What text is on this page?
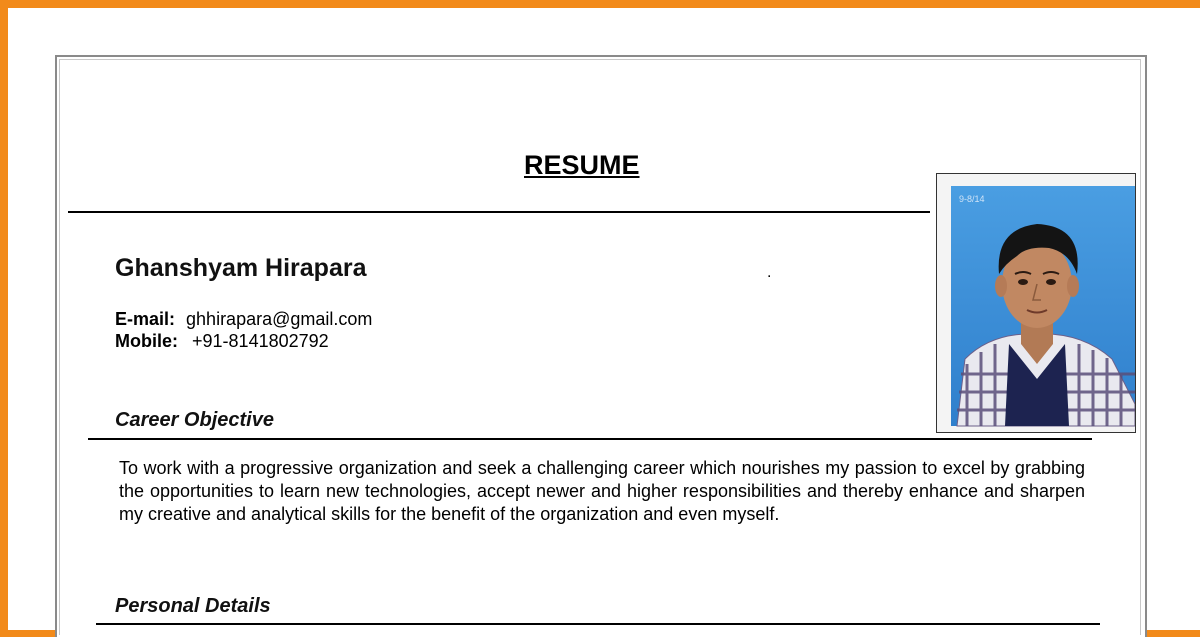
RESUME
Ghanshyam Hirapara	.
E-mail: ghhirapara@gmail.com
Mobile: +91-8141802792
Career Objective

To work with a progressive organization and seek a challenging career which nourishes my passion to excel by grabbing the opportunities to learn new technologies, accept newer and higher responsibilities and thereby enhance and sharpen my creative and analytical skills for the benefit of the organization and even myself.

Personal Details
9-8/14
